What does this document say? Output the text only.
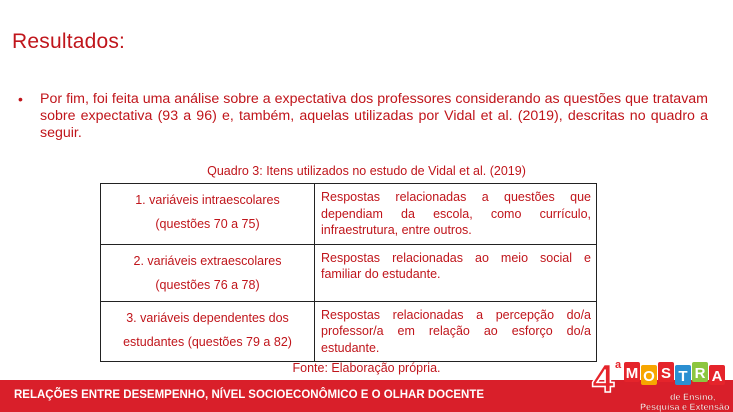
Resultados:
•	Por fim, foi feita uma análise sobre a expectativa dos professores considerando as questões que tratavam sobre expectativa (93 a 96) e, também, aquelas utilizadas por Vidal et al. (2019), descritas no quadro a seguir.
Quadro 3: Itens utilizados no estudo de Vidal et al. (2019)
1. variáveis intraescolares
(questões 70 a 75)	Respostas relacionadas a questões que dependiam da escola, como currículo, infraestrutura, entre outros.

2. variáveis extraescolares
(questões 76 a 78)	Respostas relacionadas ao meio social e familiar do estudante.

3. variáveis dependentes dos
estudantes (questões 79 a 82)	Respostas relacionadas a percepção do/a professor/a em relação ao esforço do/a estudante.
Fonte: Elaboração própria.
RELAÇÕES ENTRE DESEMPENHO, NÍVEL SOCIOECONÔMICO E O OLHAR DOCENTE	4 a M O S T R A
de Ensino,
Pesquisa e Extensão
